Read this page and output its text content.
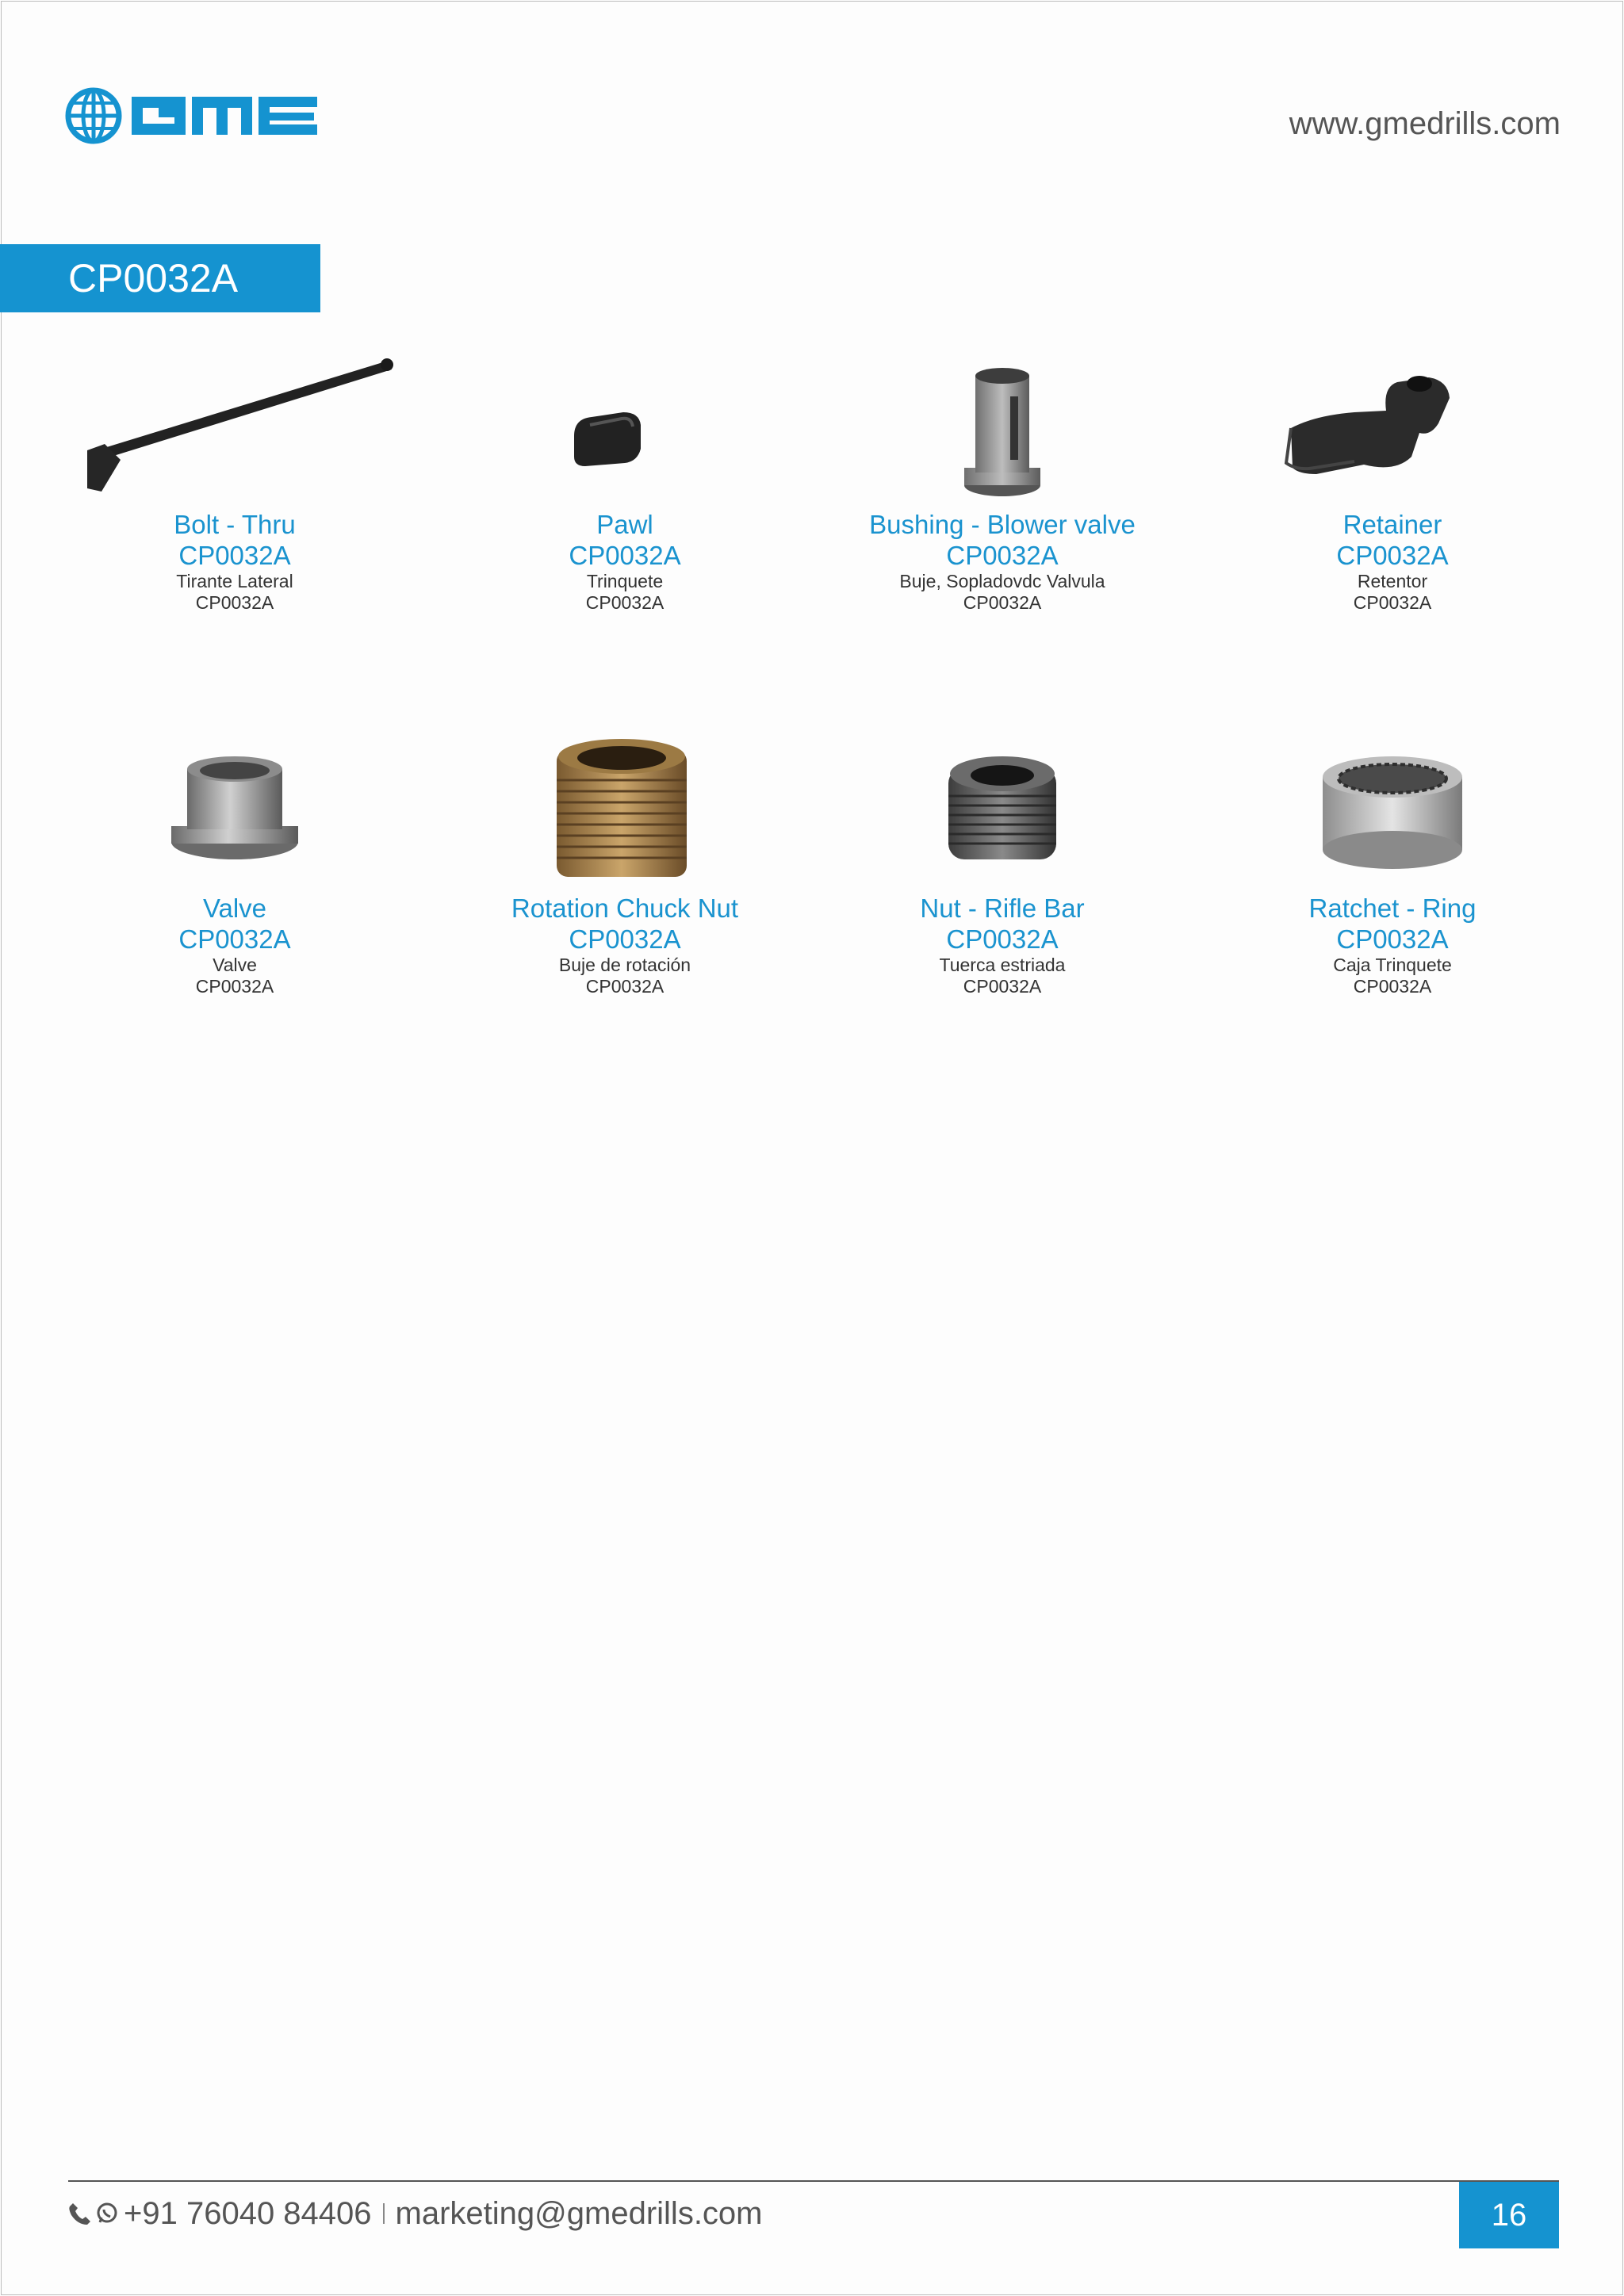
www.gmedrills.com
CP0032A
Bolt - Thru
CP0032A
Tirante Lateral
CP0032A
Pawl
CP0032A
Trinquete
CP0032A
Bushing - Blower valve
CP0032A
Buje, Sopladovdc Valvula
CP0032A
Retainer
CP0032A
Retentor
CP0032A
Valve
CP0032A
Valve
CP0032A
Rotation Chuck Nut
CP0032A
Buje de rotación
CP0032A
Nut - Rifle Bar
CP0032A
Tuerca estriada
CP0032A
Ratchet - Ring
CP0032A
Caja Trinquete
CP0032A
+91 76040 84406 marketing@gmedrills.com	16
